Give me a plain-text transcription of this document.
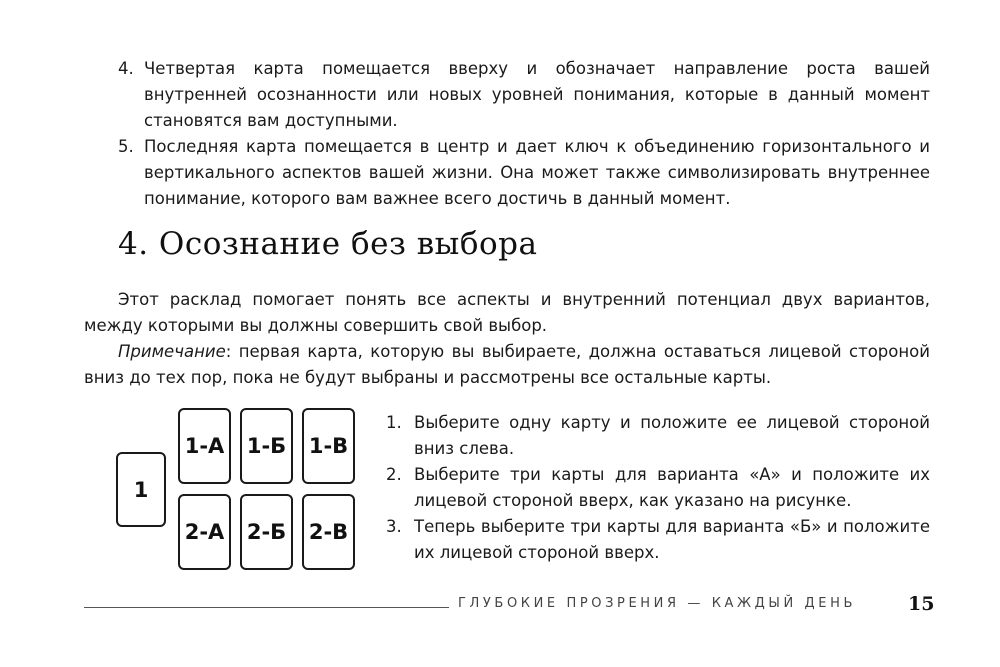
4. Четвертая карта помещается вверху и обозначает направление роста вашей внутренней осознанности или новых уровней понимания, которые в данный момент становятся вам доступными.
5. Последняя карта помещается в центр и дает ключ к объединению горизонтального и вертикального аспектов вашей жизни. Она может также символизировать внутреннее понимание, которого вам важнее всего достичь в данный момент.
4. Осознание без выбора

Этот расклад помогает понять все аспекты и внутренний потенциал двух вариантов, между которыми вы должны совершить свой выбор.

Примечание: первая карта, которую вы выбираете, должна оставаться лицевой стороной вниз до тех пор, пока не будут выбраны и рассмотрены все остальные карты.

1
1-А	1-Б	1-В
2-А	2-Б	2-В
1. Выберите одну карту и положите ее лицевой стороной вниз слева.
2. Выберите три карты для варианта «А» и положите их лицевой стороной вверх, как указано на рисунке.
3. Теперь выберите три карты для варианта «Б» и положите их лицевой стороной вверх.
ГЛУБОКИЕ ПРОЗРЕНИЯ — КАЖДЫЙ ДЕНЬ	15
